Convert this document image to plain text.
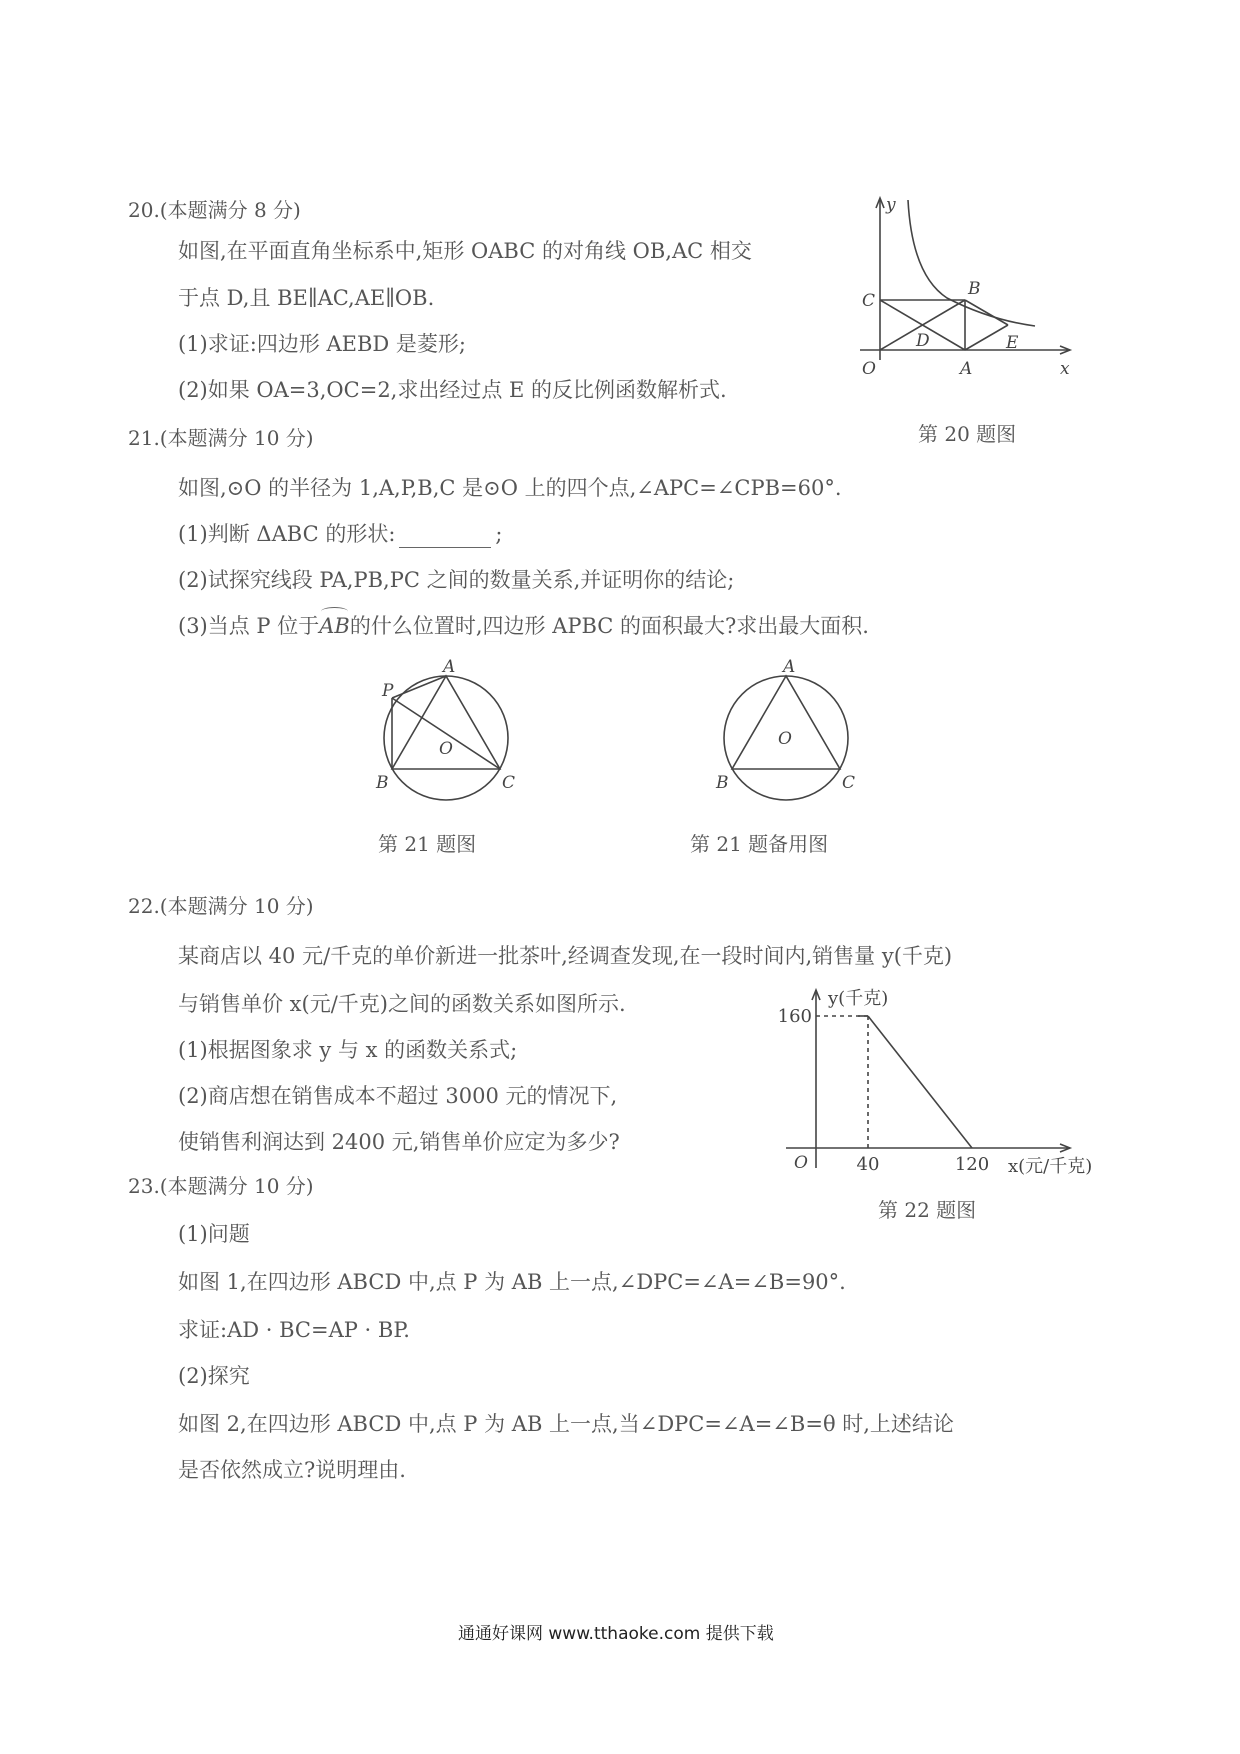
20.(本题满分 8 分)
如图,在平面直角坐标系中,矩形 OABC 的对角线 OB,AC 相交
于点 D,且 BE∥AC,AE∥OB.
(1)求证:四边形 AEBD 是菱形;
(2)如果 OA=3,OC=2,求出经过点 E 的反比例函数解析式.
y
x
O	A
B
C
D	E
第 20 题图
21.(本题满分 10 分)
如图,⊙O 的半径为 1,A,P,B,C 是⊙O 上的四个点,∠APC=∠CPB=60°.
(1)判断 ΔABC 的形状:	;
(2)试探究线段 PA,PB,PC 之间的数量关系,并证明你的结论;
(3)当点 P 位于AB的什么位置时,四边形 APBC 的面积最大?求出最大面积.
A
P
B	C
O
第 21 题图
A
B	C
O
第 21 题备用图
22.(本题满分 10 分)
某商店以 40 元/千克的单价新进一批茶叶,经调查发现,在一段时间内,销售量 y(千克)
与销售单价 x(元/千克)之间的函数关系如图所示.
(1)根据图象求 y 与 x 的函数关系式;
(2)商店想在销售成本不超过 3000 元的情况下,
使销售利润达到 2400 元,销售单价应定为多少?
y(千克)
x(元/千克)
O
160
40	120
第 22 题图
23.(本题满分 10 分)
(1)问题
如图 1,在四边形 ABCD 中,点 P 为 AB 上一点,∠DPC=∠A=∠B=90°.
求证:AD · BC=AP · BP.
(2)探究
如图 2,在四边形 ABCD 中,点 P 为 AB 上一点,当∠DPC=∠A=∠B=θ 时,上述结论
是否依然成立?说明理由.
通通好课网 www.tthaoke.com 提供下载
